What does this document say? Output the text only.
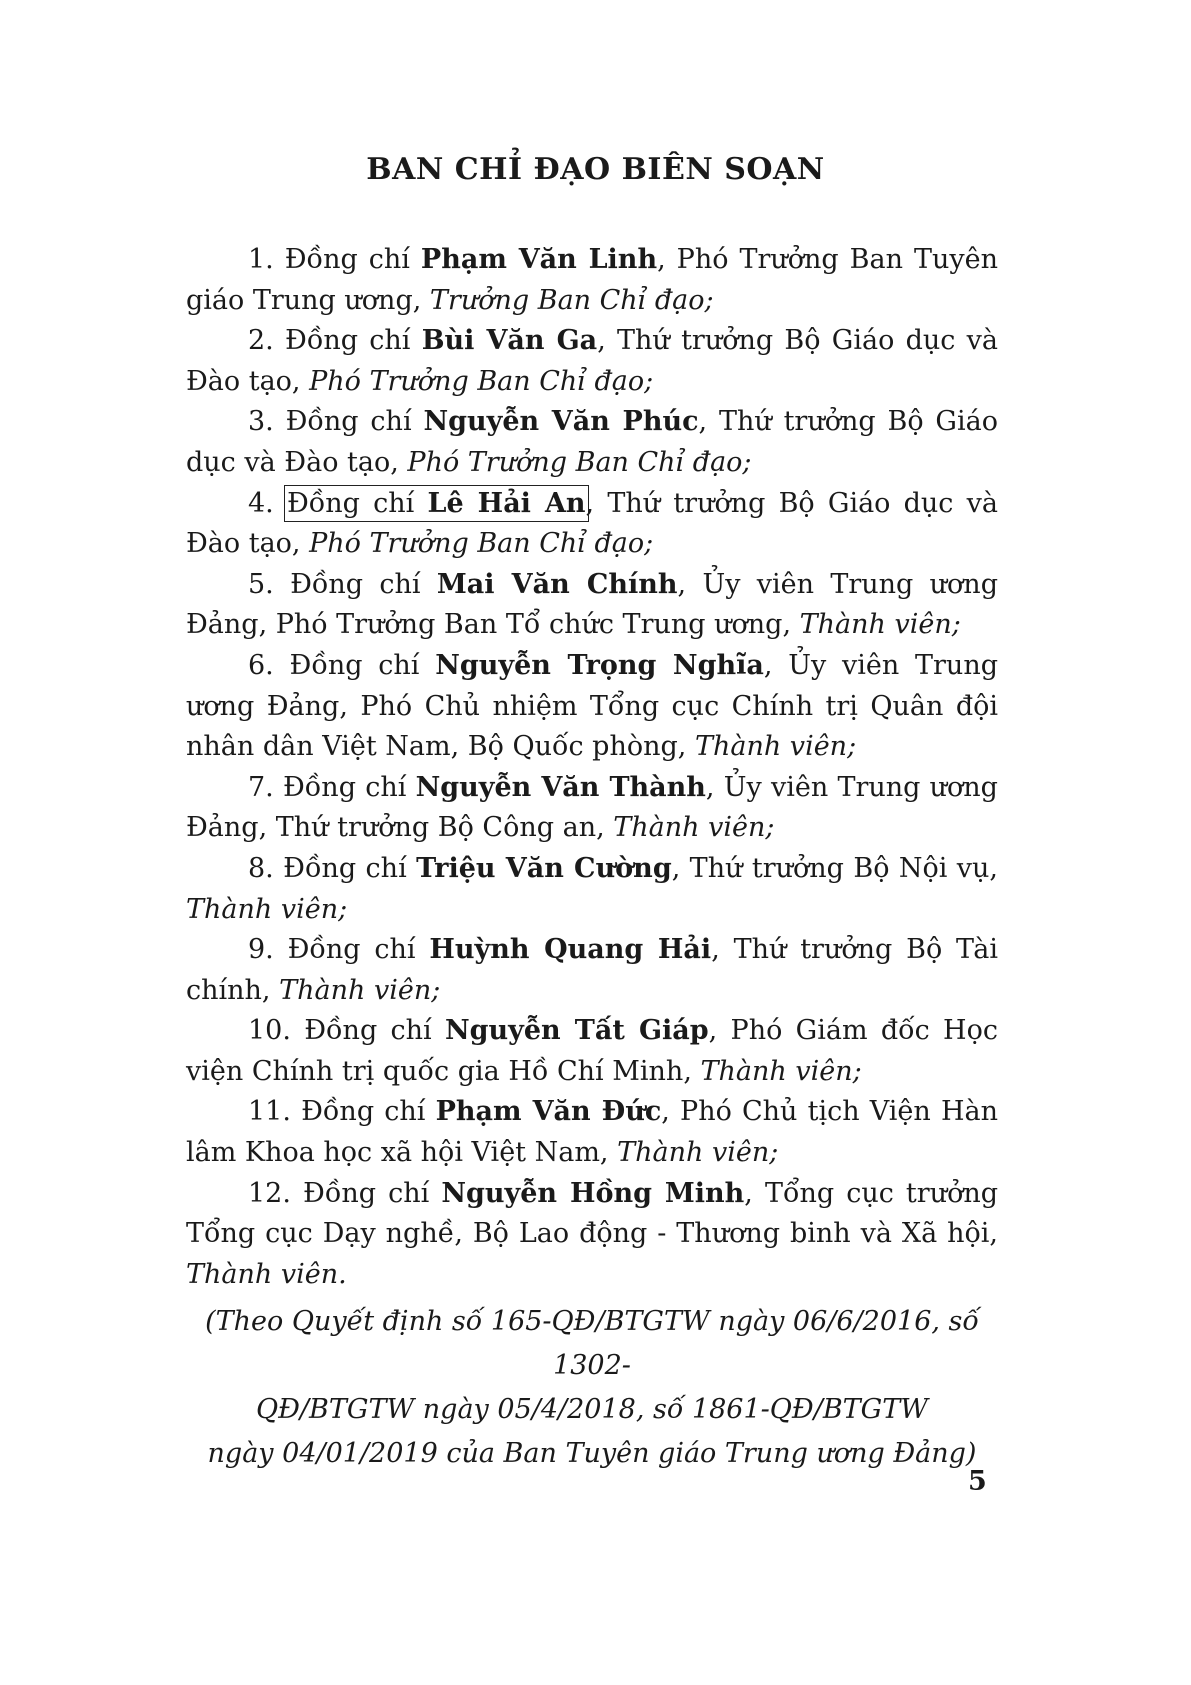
BAN CHỈ ĐẠO BIÊN SOẠN

1. Đồng chí Phạm Văn Linh, Phó Trưởng Ban Tuyên giáo Trung ương, Trưởng Ban Chỉ đạo;

2. Đồng chí Bùi Văn Ga, Thứ trưởng Bộ Giáo dục và Đào tạo, Phó Trưởng Ban Chỉ đạo;

3. Đồng chí Nguyễn Văn Phúc, Thứ trưởng Bộ Giáo dục và Đào tạo, Phó Trưởng Ban Chỉ đạo;

4. Đồng chí Lê Hải An, Thứ trưởng Bộ Giáo dục và Đào tạo, Phó Trưởng Ban Chỉ đạo;

5. Đồng chí Mai Văn Chính, Ủy viên Trung ương Đảng, Phó Trưởng Ban Tổ chức Trung ương, Thành viên;

6. Đồng chí Nguyễn Trọng Nghĩa, Ủy viên Trung ương Đảng, Phó Chủ nhiệm Tổng cục Chính trị Quân đội nhân dân Việt Nam, Bộ Quốc phòng, Thành viên;

7. Đồng chí Nguyễn Văn Thành, Ủy viên Trung ương Đảng, Thứ trưởng Bộ Công an, Thành viên;

8. Đồng chí Triệu Văn Cường, Thứ trưởng Bộ Nội vụ, Thành viên;

9. Đồng chí Huỳnh Quang Hải, Thứ trưởng Bộ Tài chính, Thành viên;

10. Đồng chí Nguyễn Tất Giáp, Phó Giám đốc Học viện Chính trị quốc gia Hồ Chí Minh, Thành viên;

11. Đồng chí Phạm Văn Đức, Phó Chủ tịch Viện Hàn lâm Khoa học xã hội Việt Nam, Thành viên;

12. Đồng chí Nguyễn Hồng Minh, Tổng cục trưởng Tổng cục Dạy nghề, Bộ Lao động - Thương binh và Xã hội, Thành viên.

(Theo Quyết định số 165-QĐ/BTGTW ngày 06/6/2016, số 1302-
QĐ/BTGTW ngày 05/4/2018, số 1861-QĐ/BTGTW
ngày 04/01/2019 của Ban Tuyên giáo Trung ương Đảng)
5
